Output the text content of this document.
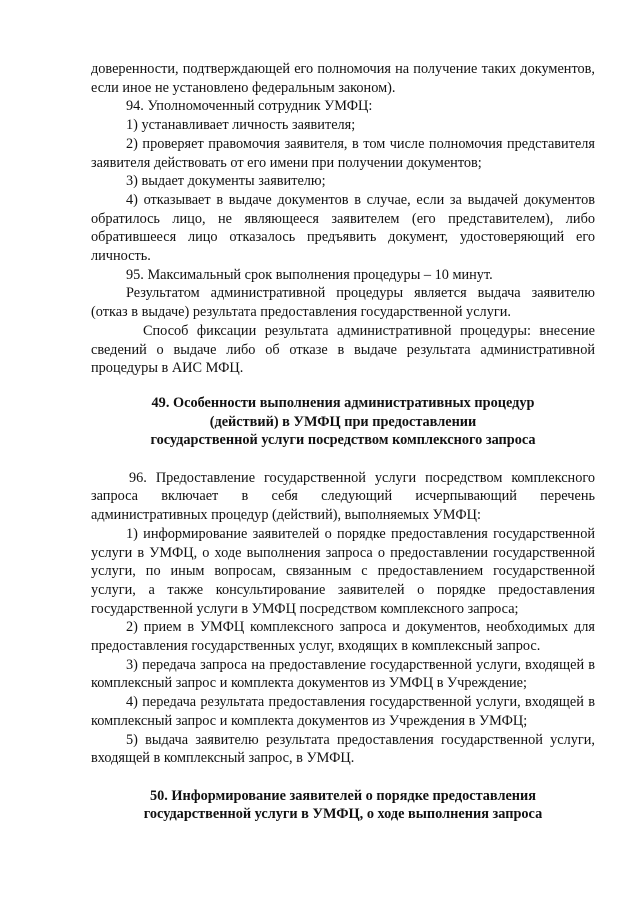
доверенности, подтверждающей его полномочия на получение таких документов, если иное не установлено федеральным законом).

94. Уполномоченный сотрудник УМФЦ:

1) устанавливает личность заявителя;

2) проверяет правомочия заявителя, в том числе полномочия представителя заявителя действовать от его имени при получении документов;

3) выдает документы заявителю;

4) отказывает в выдаче документов в случае, если за выдачей документов обратилось лицо, не являющееся заявителем (его представителем), либо обратившееся лицо отказалось предъявить документ, удостоверяющий его личность.

95. Максимальный срок выполнения процедуры – 10 минут.

Результатом административной процедуры является выдача заявителю (отказ в выдаче) результата предоставления государственной услуги.

Способ фиксации результата административной процедуры: внесение сведений о выдаче либо об отказе в выдаче результата административной процедуры в АИС МФЦ.

49. Особенности выполнения административных процедур

(действий) в УМФЦ при предоставлении

государственной услуги посредством комплексного запроса

96. Предоставление государственной услуги посредством комплексного запроса включает в себя следующий исчерпывающий перечень административных процедур (действий), выполняемых УМФЦ:

1) информирование заявителей о порядке предоставления государственной услуги в УМФЦ, о ходе выполнения запроса о предоставлении государственной услуги, по иным вопросам, связанным с предоставлением государственной услуги, а также консультирование заявителей о порядке предоставления государственной услуги в УМФЦ посредством комплексного запроса;

2) прием в УМФЦ комплексного запроса и документов, необходимых для предоставления государственных услуг, входящих в комплексный запрос.

3) передача запроса на предоставление государственной услуги, входящей в комплексный запрос и комплекта документов из УМФЦ в Учреждение;

4) передача результата предоставления государственной услуги, входящей в комплексный запрос и комплекта документов из Учреждения в УМФЦ;

5) выдача заявителю результата предоставления государственной услуги, входящей в комплексный запрос, в УМФЦ.

50. Информирование заявителей о порядке предоставления

государственной услуги в УМФЦ, о ходе выполнения запроса
